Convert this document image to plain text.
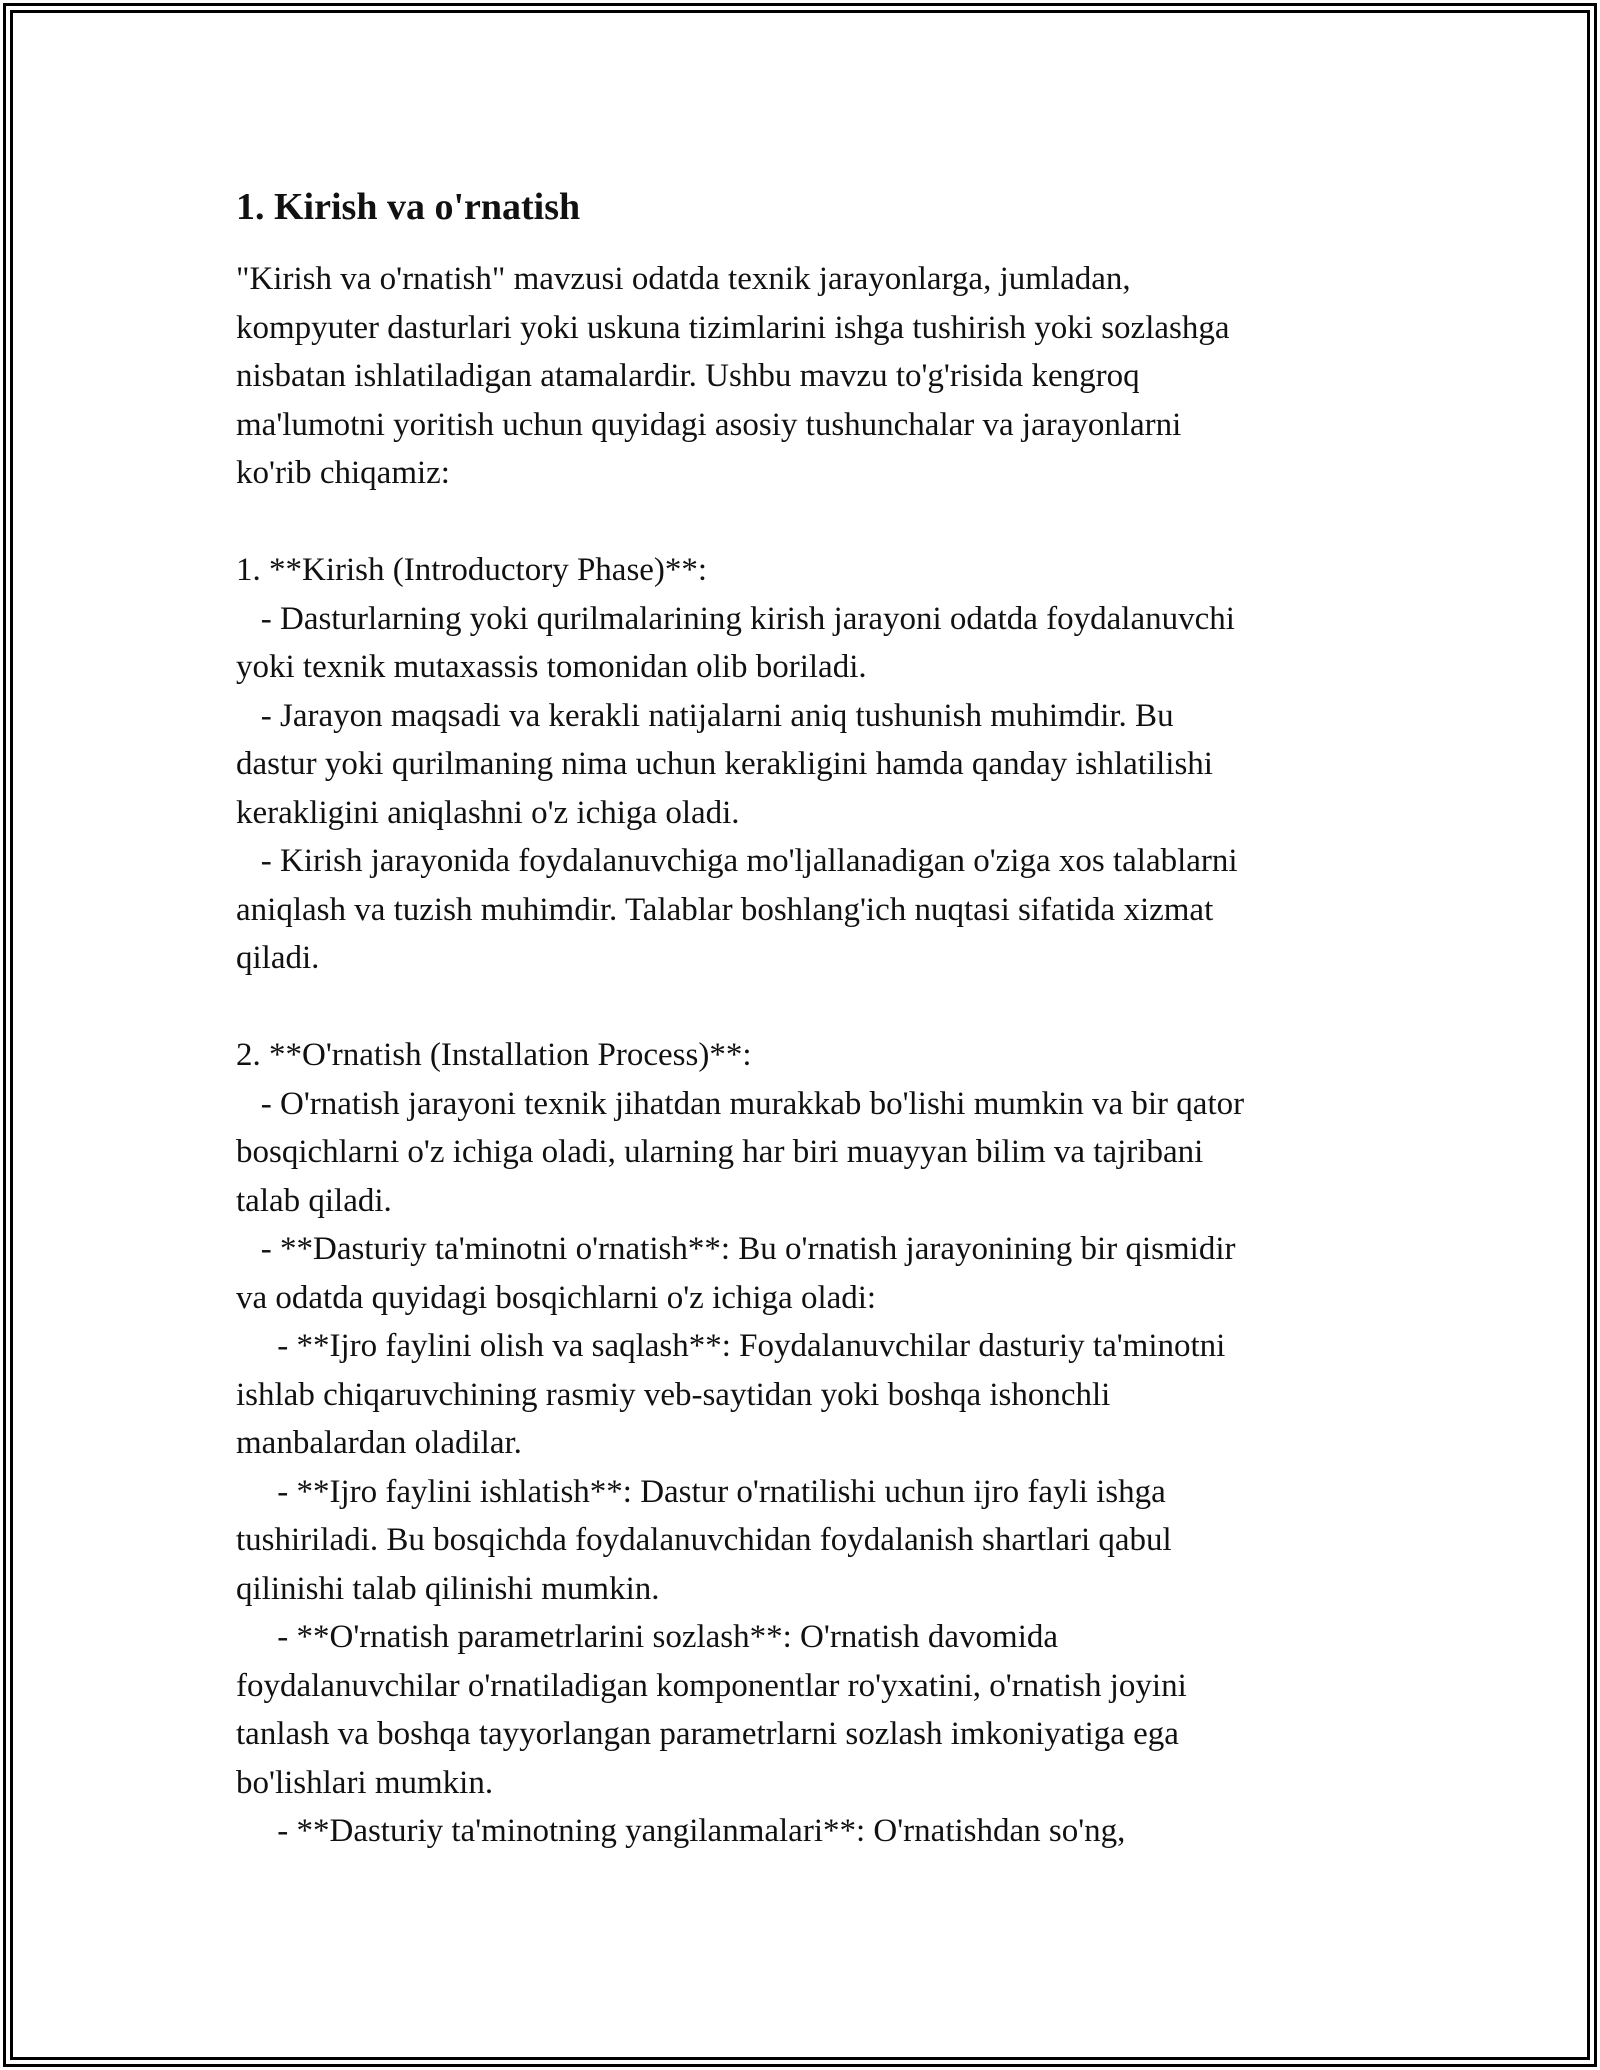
1. Kirish va o'rnatish
"Kirish va o'rnatish" mavzusi odatda texnik jarayonlarga, jumladan,
kompyuter dasturlari yoki uskuna tizimlarini ishga tushirish yoki sozlashga
nisbatan ishlatiladigan atamalardir. Ushbu mavzu to'g'risida kengroq
ma'lumotni yoritish uchun quyidagi asosiy tushunchalar va jarayonlarni
ko'rib chiqamiz:
1. **Kirish (Introductory Phase)**:
- Dasturlarning yoki qurilmalarining kirish jarayoni odatda foydalanuvchi
yoki texnik mutaxassis tomonidan olib boriladi.
- Jarayon maqsadi va kerakli natijalarni aniq tushunish muhimdir. Bu
dastur yoki qurilmaning nima uchun kerakligini hamda qanday ishlatilishi
kerakligini aniqlashni o'z ichiga oladi.
- Kirish jarayonida foydalanuvchiga mo'ljallanadigan o'ziga xos talablarni
aniqlash va tuzish muhimdir. Talablar boshlang'ich nuqtasi sifatida xizmat
qiladi.
2. **O'rnatish (Installation Process)**:
- O'rnatish jarayoni texnik jihatdan murakkab bo'lishi mumkin va bir qator
bosqichlarni o'z ichiga oladi, ularning har biri muayyan bilim va tajribani
talab qiladi.
- **Dasturiy ta'minotni o'rnatish**: Bu o'rnatish jarayonining bir qismidir
va odatda quyidagi bosqichlarni o'z ichiga oladi:
- **Ijro faylini olish va saqlash**: Foydalanuvchilar dasturiy ta'minotni
ishlab chiqaruvchining rasmiy veb-saytidan yoki boshqa ishonchli
manbalardan oladilar.
- **Ijro faylini ishlatish**: Dastur o'rnatilishi uchun ijro fayli ishga
tushiriladi. Bu bosqichda foydalanuvchidan foydalanish shartlari qabul
qilinishi talab qilinishi mumkin.
- **O'rnatish parametrlarini sozlash**: O'rnatish davomida
foydalanuvchilar o'rnatiladigan komponentlar ro'yxatini, o'rnatish joyini
tanlash va boshqa tayyorlangan parametrlarni sozlash imkoniyatiga ega
bo'lishlari mumkin.
- **Dasturiy ta'minotning yangilanmalari**: O'rnatishdan so'ng,
